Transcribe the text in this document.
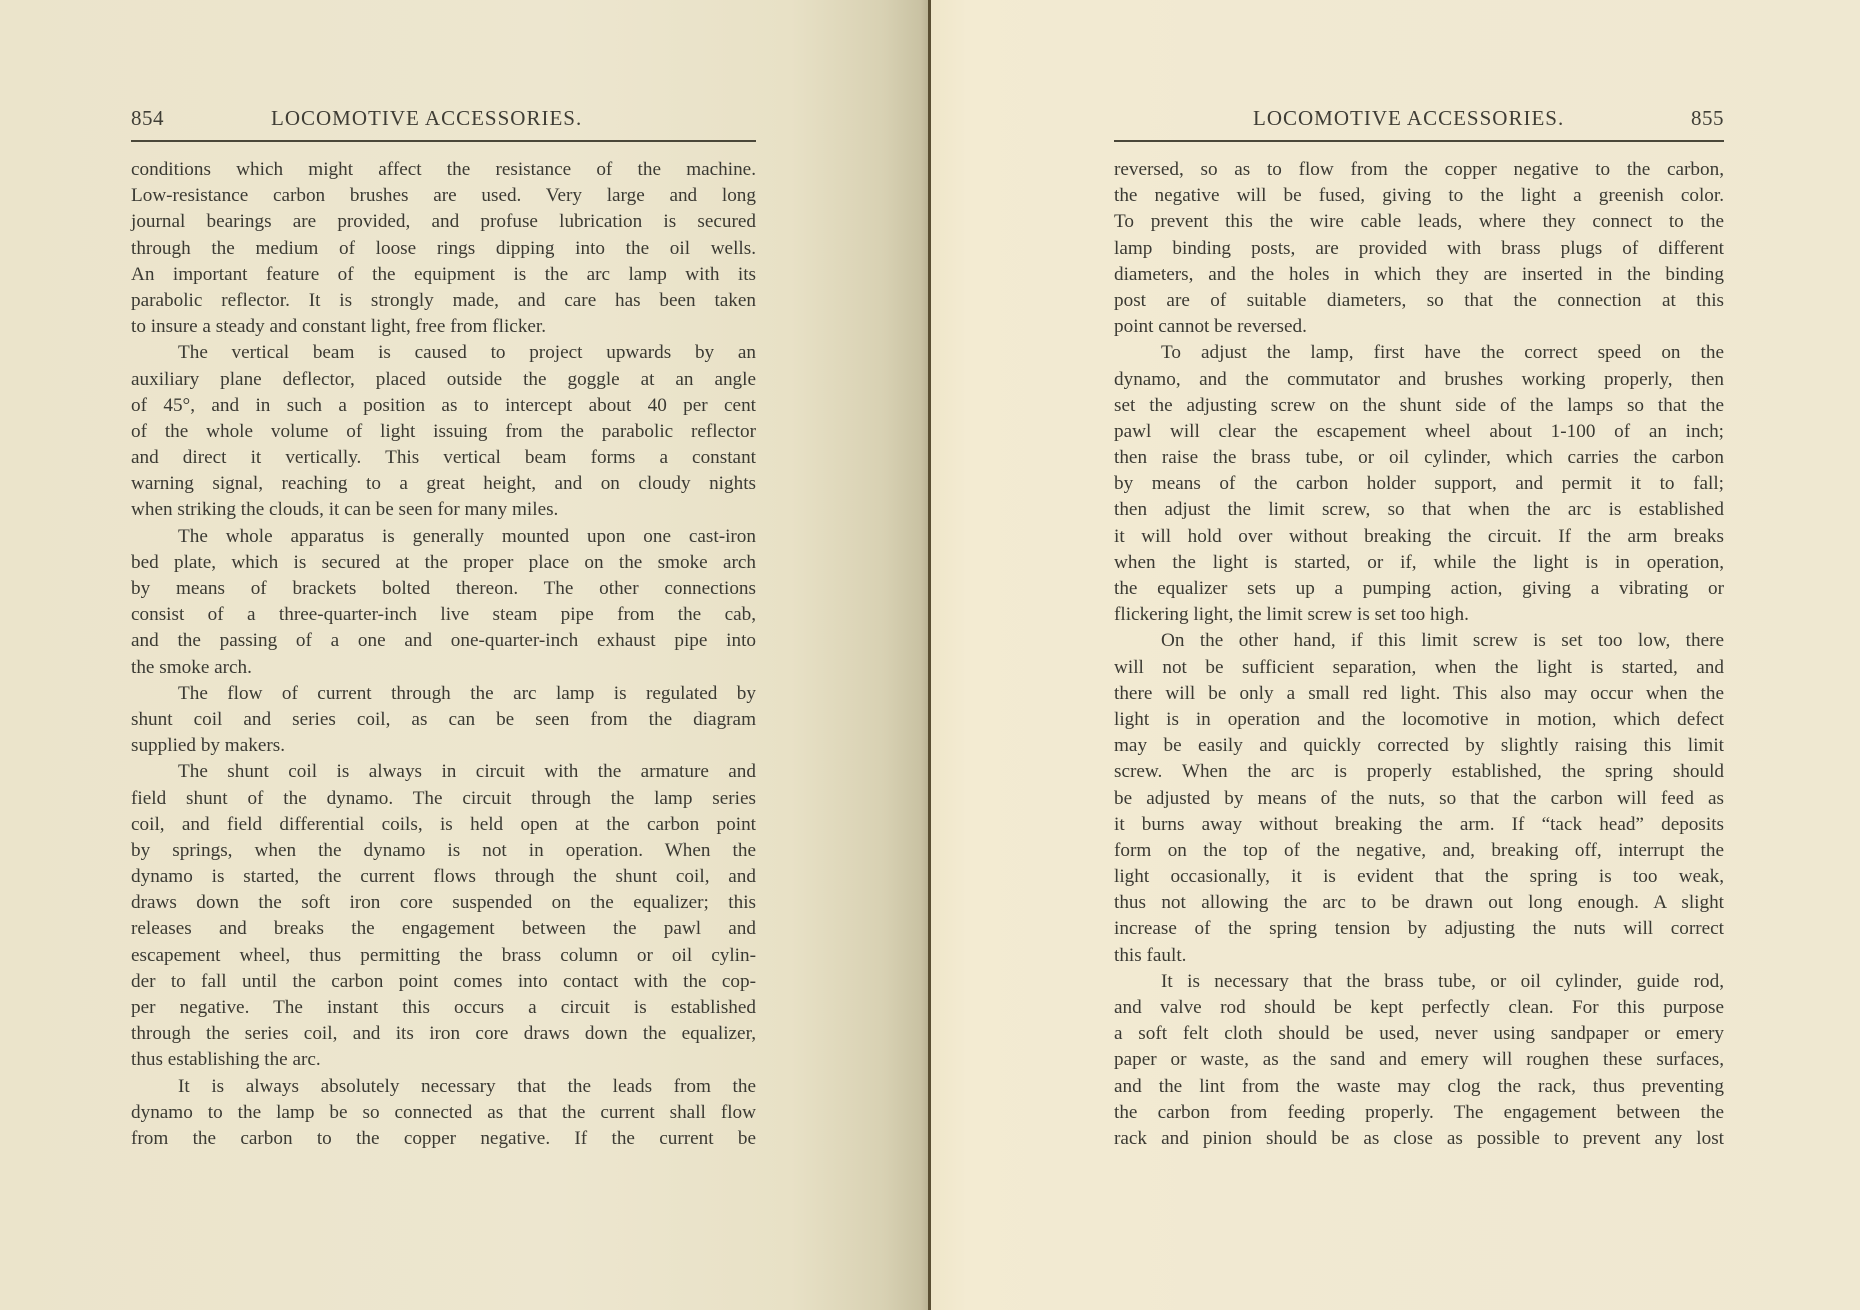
854	LOCOMOTIVE ACCESSORIES.
conditions which might affect the resistance of the machine.
Low-resistance carbon brushes are used. Very large and long
journal bearings are provided, and profuse lubrication is secured
through the medium of loose rings dipping into the oil wells.
An important feature of the equipment is the arc lamp with its
parabolic reflector. It is strongly made, and care has been taken
to insure a steady and constant light, free from flicker.
The vertical beam is caused to project upwards by an
auxiliary plane deflector, placed outside the goggle at an angle
of 45°, and in such a position as to intercept about 40 per cent
of the whole volume of light issuing from the parabolic reflector
and direct it vertically. This vertical beam forms a constant
warning signal, reaching to a great height, and on cloudy nights
when striking the clouds, it can be seen for many miles.
The whole apparatus is generally mounted upon one cast-iron
bed plate, which is secured at the proper place on the smoke arch
by means of brackets bolted thereon. The other connections
consist of a three-quarter-inch live steam pipe from the cab,
and the passing of a one and one-quarter-inch exhaust pipe into
the smoke arch.
The flow of current through the arc lamp is regulated by
shunt coil and series coil, as can be seen from the diagram
supplied by makers.
The shunt coil is always in circuit with the armature and
field shunt of the dynamo. The circuit through the lamp series
coil, and field differential coils, is held open at the carbon point
by springs, when the dynamo is not in operation. When the
dynamo is started, the current flows through the shunt coil, and
draws down the soft iron core suspended on the equalizer; this
releases and breaks the engagement between the pawl and
escapement wheel, thus permitting the brass column or oil cylin-
der to fall until the carbon point comes into contact with the cop-
per negative. The instant this occurs a circuit is established
through the series coil, and its iron core draws down the equalizer,
thus establishing the arc.
It is always absolutely necessary that the leads from the
dynamo to the lamp be so connected as that the current shall flow
from the carbon to the copper negative. If the current be
LOCOMOTIVE ACCESSORIES.	855
reversed, so as to flow from the copper negative to the carbon,
the negative will be fused, giving to the light a greenish color.
To prevent this the wire cable leads, where they connect to the
lamp binding posts, are provided with brass plugs of different
diameters, and the holes in which they are inserted in the binding
post are of suitable diameters, so that the connection at this
point cannot be reversed.
To adjust the lamp, first have the correct speed on the
dynamo, and the commutator and brushes working properly, then
set the adjusting screw on the shunt side of the lamps so that the
pawl will clear the escapement wheel about 1-100 of an inch;
then raise the brass tube, or oil cylinder, which carries the carbon
by means of the carbon holder support, and permit it to fall;
then adjust the limit screw, so that when the arc is established
it will hold over without breaking the circuit. If the arm breaks
when the light is started, or if, while the light is in operation,
the equalizer sets up a pumping action, giving a vibrating or
flickering light, the limit screw is set too high.
On the other hand, if this limit screw is set too low, there
will not be sufficient separation, when the light is started, and
there will be only a small red light. This also may occur when the
light is in operation and the locomotive in motion, which defect
may be easily and quickly corrected by slightly raising this limit
screw. When the arc is properly established, the spring should
be adjusted by means of the nuts, so that the carbon will feed as
it burns away without breaking the arm. If “tack head” deposits
form on the top of the negative, and, breaking off, interrupt the
light occasionally, it is evident that the spring is too weak,
thus not allowing the arc to be drawn out long enough. A slight
increase of the spring tension by adjusting the nuts will correct
this fault.
It is necessary that the brass tube, or oil cylinder, guide rod,
and valve rod should be kept perfectly clean. For this purpose
a soft felt cloth should be used, never using sandpaper or emery
paper or waste, as the sand and emery will roughen these surfaces,
and the lint from the waste may clog the rack, thus preventing
the carbon from feeding properly. The engagement between the
rack and pinion should be as close as possible to prevent any lost
